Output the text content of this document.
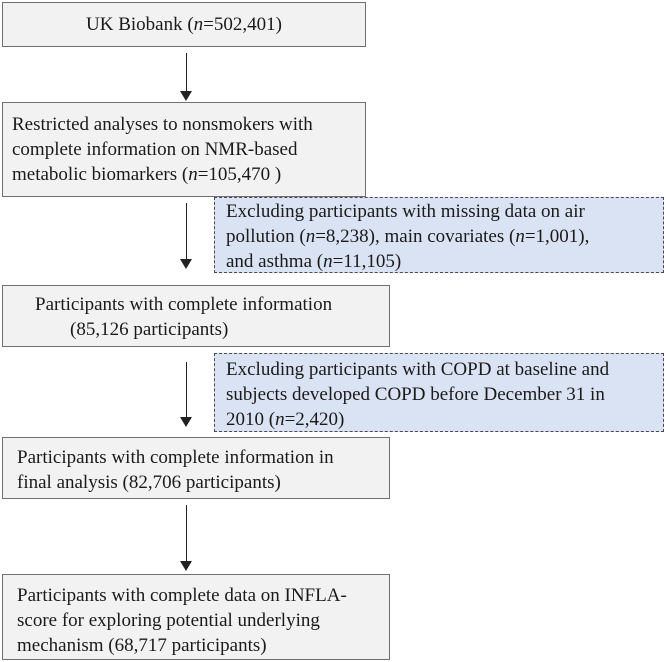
UK Biobank (n=502,401)
Restricted analyses to nonsmokers with
complete information on NMR-based
metabolic biomarkers (n=105,470 )
Excluding participants with missing data on air
pollution (n=8,238), main covariates (n=1,001),
and asthma (n=11,105)
Participants with complete information
(85,126 participants)
Excluding participants with COPD at baseline and
subjects developed COPD before December 31 in
2010 (n=2,420)
Participants with complete information in
final analysis (82,706 participants)
Participants with complete data on INFLA-
score for exploring potential underlying
mechanism (68,717 participants)
